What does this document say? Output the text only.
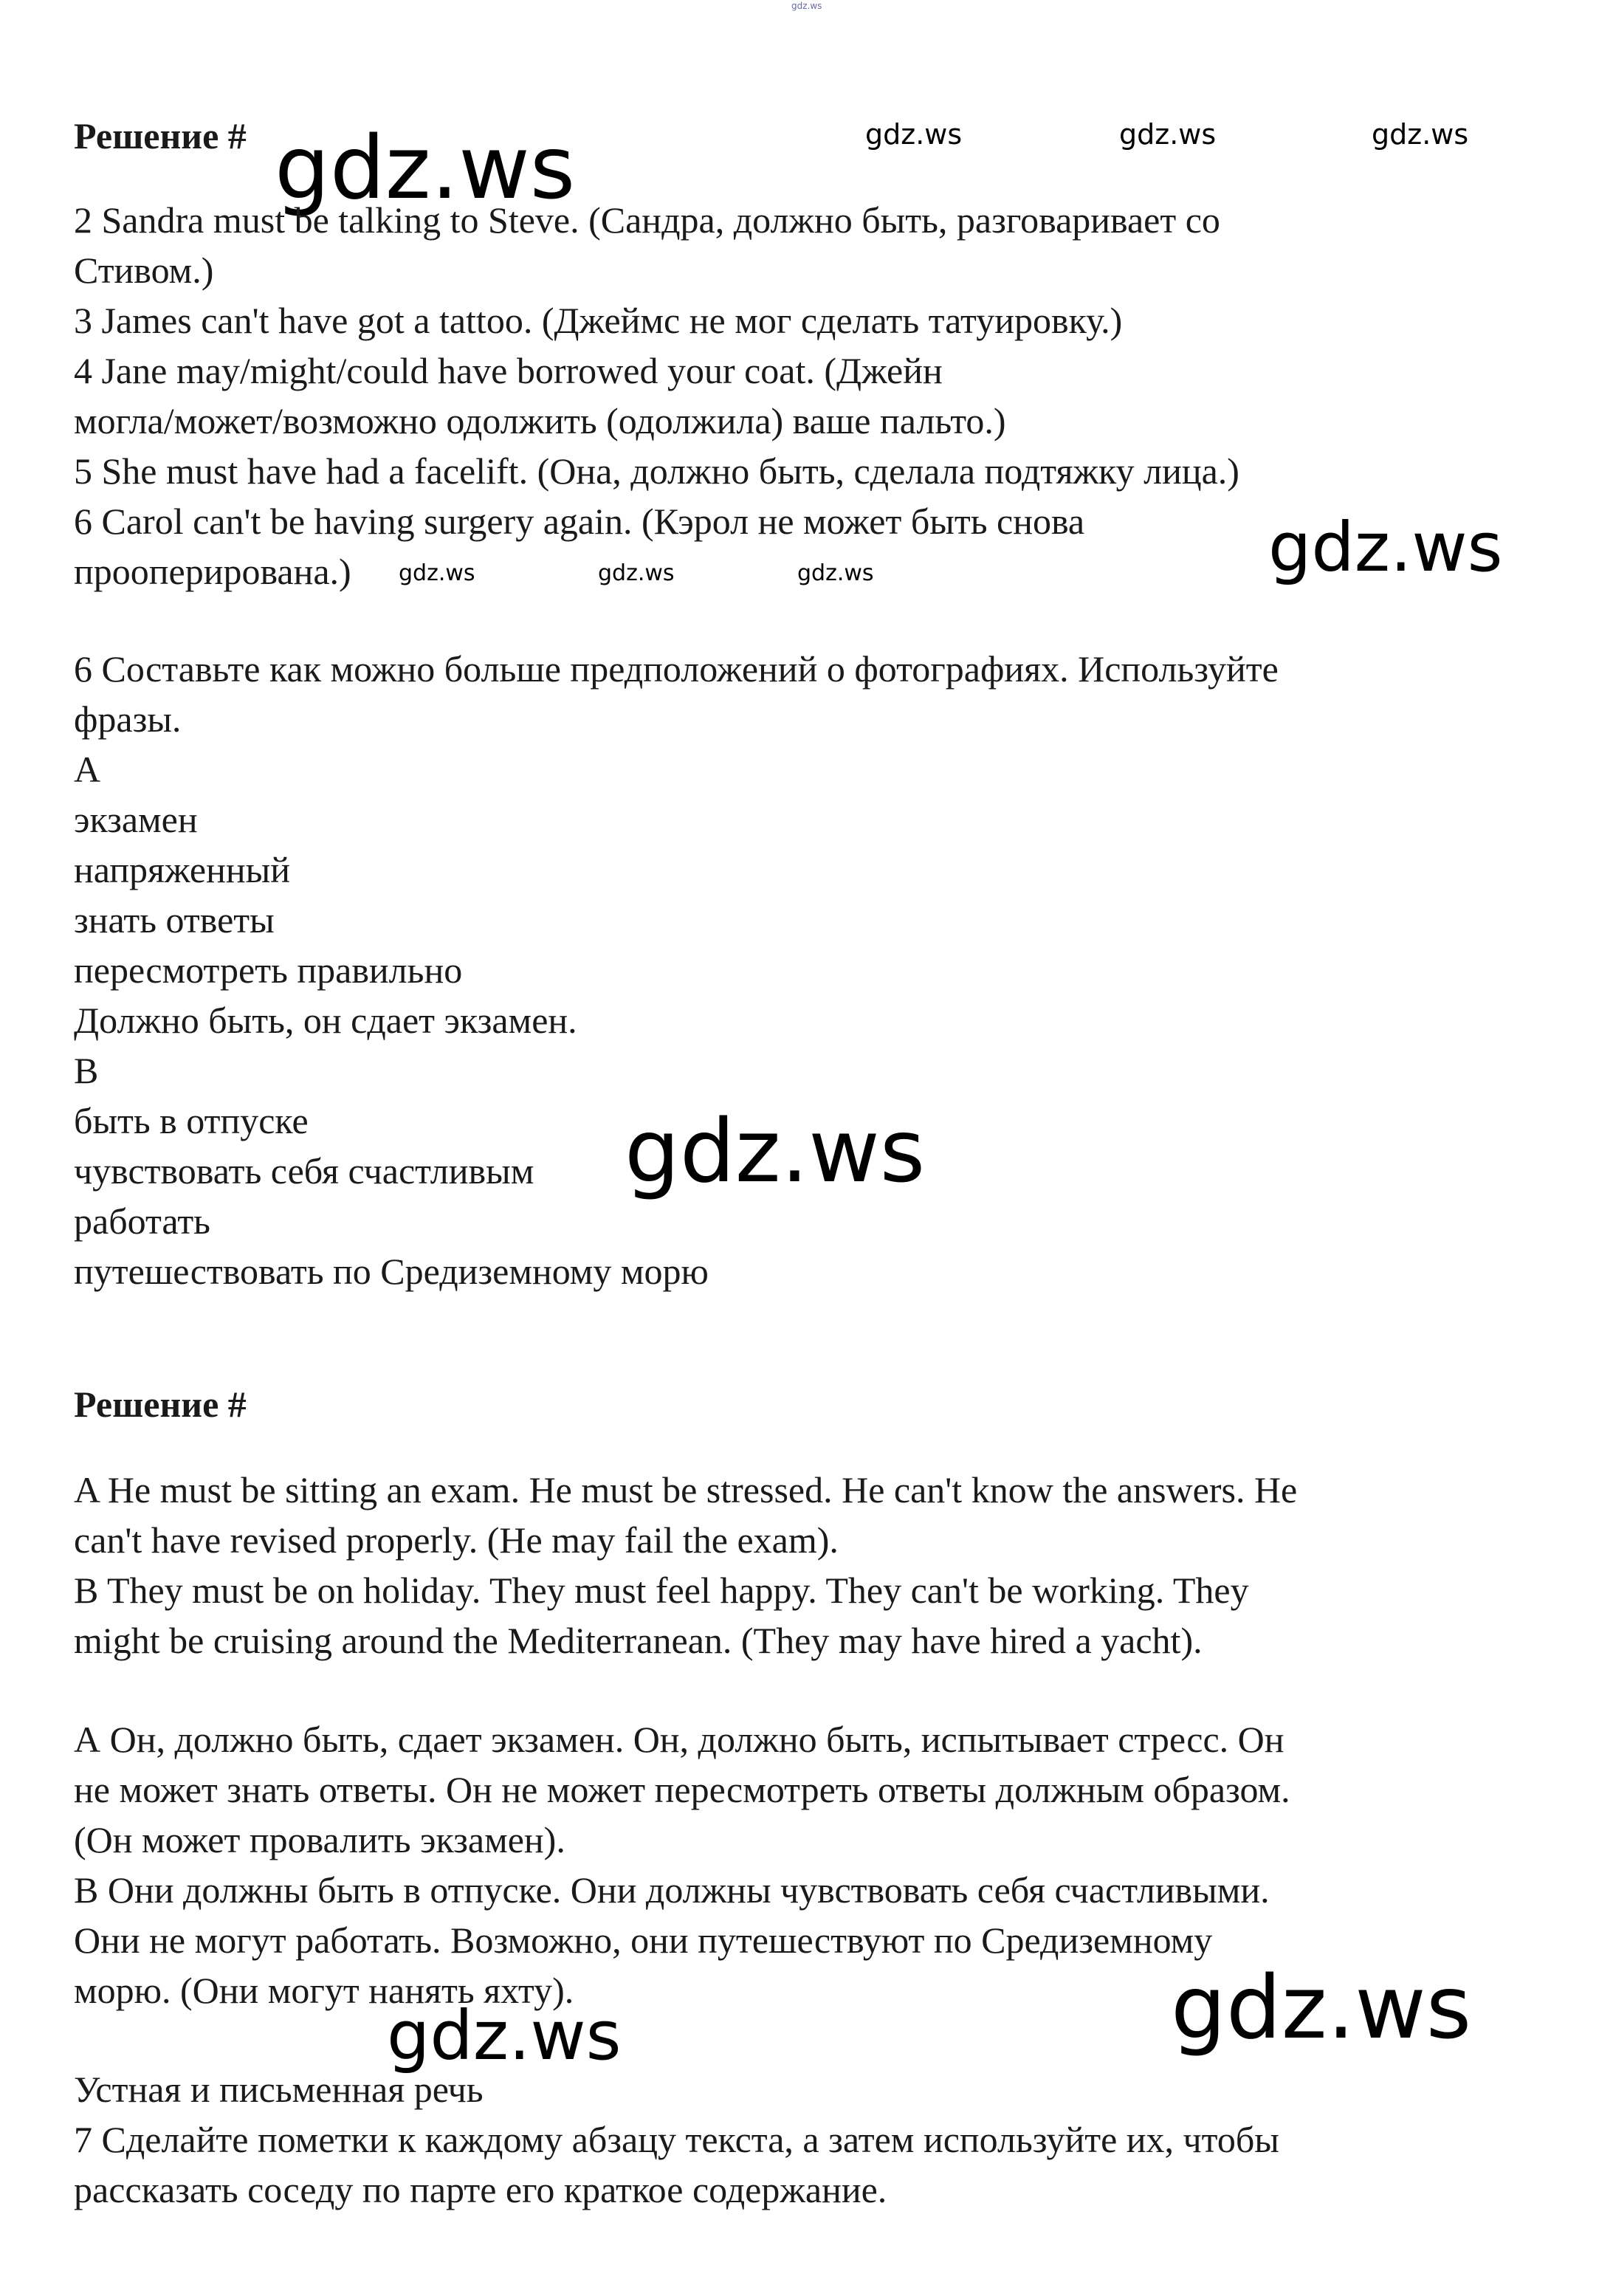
gdz.ws
Решение # gdz.ws	gdz.ws	gdz.ws	gdz.ws
2 Sandra must be talking to Steve. (Сандра, должно быть, разговаривает со
Стивом.)
3 James can't have got a tattoo. (Джеймс не мог сделать татуировку.)
4 Jane may/might/could have borrowed your coat. (Джейн
могла/может/возможно одолжить (одолжила) ваше пальто.)
5 She must have had a facelift. (Она, должно быть, сделала подтяжку лица.)
6 Carol can't be having surgery again. (Кэрол не может быть снова
прооперирована.)	gdz.ws
gdz.ws	gdz.ws	gdz.ws
6 Составьте как можно больше предположений о фотографиях. Используйте
фразы.
A
экзамен
напряженный
знать ответы
пересмотреть правильно
Должно быть, он сдает экзамен.
B
быть в отпуске
чувствовать себя счастливым
работать
путешествовать по Средиземному морю
gdz.ws
Решение #
A He must be sitting an exam. He must be stressed. He can't know the answers. He
can't have revised properly. (He may fail the exam).
B They must be on holiday. They must feel happy. They can't be working. They
might be cruising around the Mediterranean. (They may have hired a yacht).
А Он, должно быть, сдает экзамен. Он, должно быть, испытывает стресс. Он
не может знать ответы. Он не может пересмотреть ответы должным образом.
(Он может провалить экзамен).
В Они должны быть в отпуске. Они должны чувствовать себя счастливыми.
Они не могут работать. Возможно, они путешествуют по Средиземному
морю. (Они могут нанять яхту).	gdz.ws
gdz.ws
Устная и письменная речь
7 Сделайте пометки к каждому абзацу текста, а затем используйте их, чтобы
рассказать соседу по парте его краткое содержание.
